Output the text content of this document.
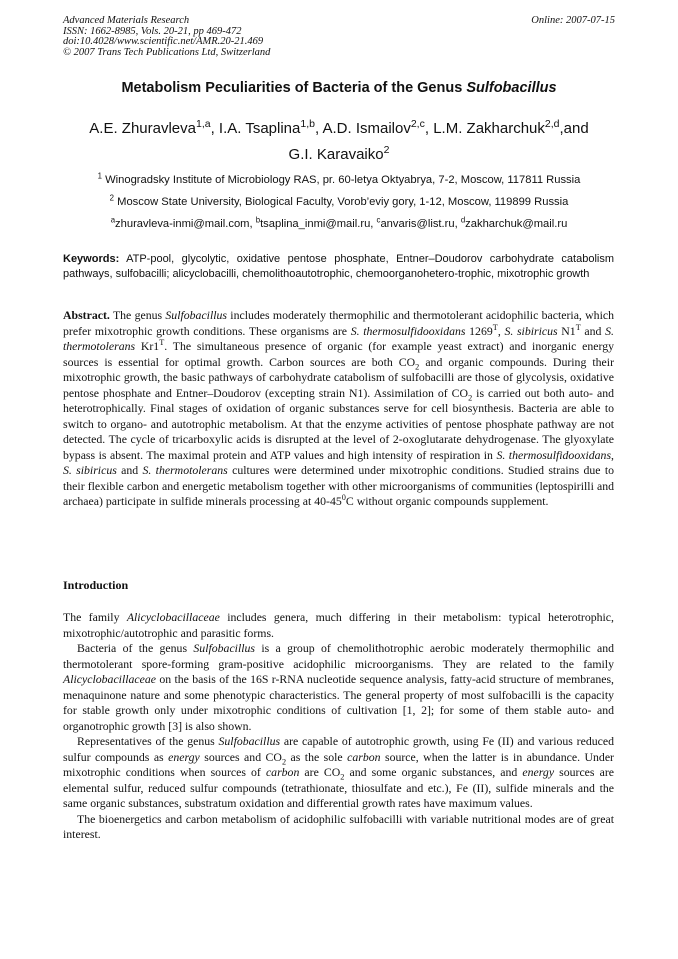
Advanced Materials Research
ISSN: 1662-8985, Vols. 20-21, pp 469-472
doi:10.4028/www.scientific.net/AMR.20-21.469
© 2007 Trans Tech Publications Ltd, Switzerland
Online: 2007-07-15
Metabolism Peculiarities of Bacteria of the Genus Sulfobacillus
A.E. Zhuravleva$^{1,a}$, I.A. Tsaplina$^{1,b}$, A.D. Ismailov$^{2,c}$, L.M. Zakharchuk$^{2,d}$,and
G.I. Karavaiko$^2$
$^1$ Winogradsky Institute of Microbiology RAS, pr. 60-letya Oktyabrya, 7-2, Moscow, 117811 Russia
$^2$ Moscow State University, Biological Faculty, Vorob’eviy gory, 1-12, Moscow, 119899 Russia
$^a$zhuravleva-inmi@mail.com, $^b$tsaplina_inmi@mail.ru, $^c$anvaris@list.ru, $^d$zakharchuk@mail.ru
Keywords: ATP-pool, glycolytic, oxidative pentose phosphate, Entner–Doudorov carbohydrate catabolism pathways, sulfobacilli; alicyclobacilli, chemolithoautotrophic, chemoorganohetero-trophic, mixotrophic growth
Abstract. The genus Sulfobacillus includes moderately thermophilic and thermotolerant acidophilic bacteria, which prefer mixotrophic growth conditions. These organisms are S. thermosulfidooxidans $1269^T$, S. sibiricus $N1^T$ and S. thermotolerans $Kr1^T$. The simultaneous presence of organic (for example yeast extract) and inorganic energy sources is essential for optimal growth. Carbon sources are both $CO_2$ and organic compounds. During their mixotrophic growth, the basic pathways of carbohydrate catabolism of sulfobacilli are those of glycolysis, oxidative pentose phosphate and Entner–Doudorov (excepting strain N1). Assimilation of $CO_2$ is carried out both auto- and heterotrophically. Final stages of oxidation of organic substances serve for cell biosynthesis. Bacteria are able to switch to organo- and autotrophic metabolism. At that the enzyme activities of pentose phosphate pathway are not detected. The cycle of tricarboxylic acids is disrupted at the level of 2-oxoglutarate dehydrogenase. The glyoxylate bypass is absent. The maximal protein and ATP values and high intensity of respiration in S. thermosulfidooxidans, S. sibiricus and S. thermotolerans cultures were determined under mixotrophic conditions. Studied strains due to their flexible carbon and energetic metabolism together with other microorganisms of communities (leptospirilli and archaea) participate in sulfide minerals processing at $40-45^0C$ without organic compounds supplement.
Introduction

The family Alicyclobacillaceae includes genera, much differing in their metabolism: typical heterotrophic, mixotrophic/autotrophic and parasitic forms.

Bacteria of the genus Sulfobacillus is a group of chemolithotrophic aerobic moderately thermophilic and thermotolerant spore-forming gram-positive acidophilic microorganisms. They are related to the family Alicyclobacillaceae on the basis of the 16S r-RNA nucleotide sequence analysis, fatty-acid structure of membranes, menaquinone nature and some phenotypic characteristics. The general property of most sulfobacilli is the capacity for stable growth only under mixotrophic conditions of cultivation [1, 2]; for some of them stable auto- and organotrophic growth [3] is also shown.

Representatives of the genus Sulfobacillus are capable of autotrophic growth, using Fe (II) and various reduced sulfur compounds as energy sources and $CO_2$ as the sole carbon source, when the latter is in abundance. Under mixotrophic conditions when sources of carbon are $CO_2$ and some organic substances, and energy sources are elemental sulfur, reduced sulfur compounds (tetrathionate, thiosulfate and etc.), Fe (II), sulfide minerals and the same organic substances, substratum oxidation and differential growth rates have maximum values.

The bioenergetics and carbon metabolism of acidophilic sulfobacilli with variable nutritional modes are of great interest.
